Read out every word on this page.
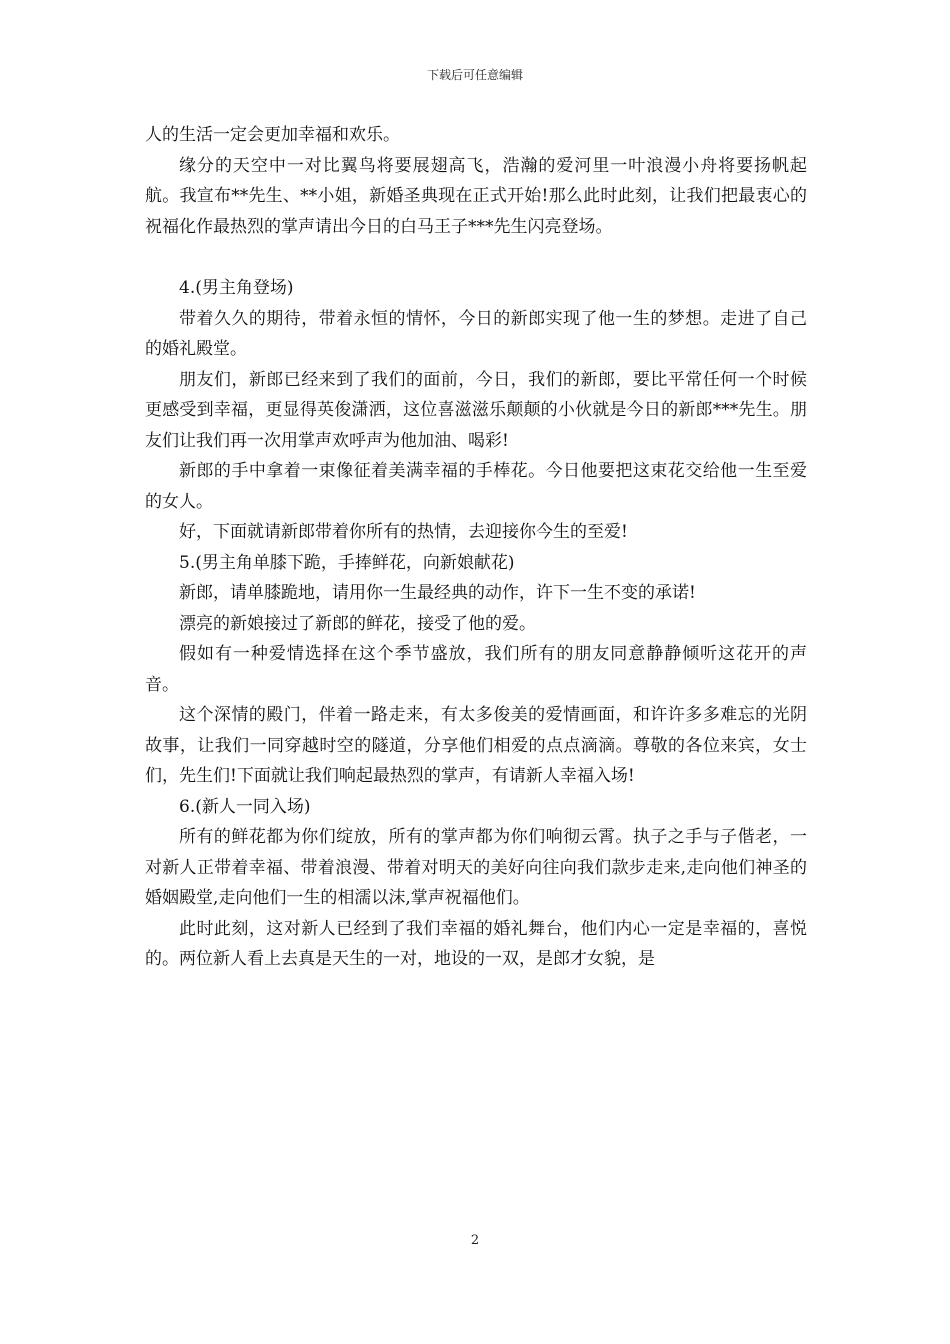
下载后可任意编辑

人的生活一定会更加幸福和欢乐。

缘分的天空中一对比翼鸟将要展翅高飞，浩瀚的爱河里一叶浪漫小舟将要扬帆起航。我宣布**先生、**小姐，新婚圣典现在正式开始!那么此时此刻，让我们把最衷心的祝福化作最热烈的掌声请出今日的白马王子***先生闪亮登场。

4.(男主角登场)

带着久久的期待，带着永恒的情怀，今日的新郎实现了他一生的梦想。走进了自己的婚礼殿堂。

朋友们，新郎已经来到了我们的面前，今日，我们的新郎，要比平常任何一个时候更感受到幸福，更显得英俊潇洒，这位喜滋滋乐颠颠的小伙就是今日的新郎***先生。朋友们让我们再一次用掌声欢呼声为他加油、喝彩!

新郎的手中拿着一束像征着美满幸福的手棒花。今日他要把这束花交给他一生至爱的女人。

好，下面就请新郎带着你所有的热情，去迎接你今生的至爱!

5.(男主角单膝下跪，手捧鲜花，向新娘献花)

新郎，请单膝跪地，请用你一生最经典的动作，许下一生不变的承诺!

漂亮的新娘接过了新郎的鲜花，接受了他的爱。

假如有一种爱情选择在这个季节盛放，我们所有的朋友同意静静倾听这花开的声音。

这个深情的殿门，伴着一路走来，有太多俊美的爱情画面，和许许多多难忘的光阴故事，让我们一同穿越时空的隧道，分享他们相爱的点点滴滴。尊敬的各位来宾，女士们，先生们!下面就让我们响起最热烈的掌声，有请新人幸福入场!

6.(新人一同入场)

所有的鲜花都为你们绽放，所有的掌声都为你们响彻云霄。执子之手与子偕老，一对新人正带着幸福、带着浪漫、带着对明天的美好向往向我们款步走来,走向他们神圣的婚姻殿堂,走向他们一生的相濡以沫,掌声祝福他们。

此时此刻，这对新人已经到了我们幸福的婚礼舞台，他们内心一定是幸福的，喜悦的。两位新人看上去真是天生的一对，地设的一双，是郎才女貌，是

2
